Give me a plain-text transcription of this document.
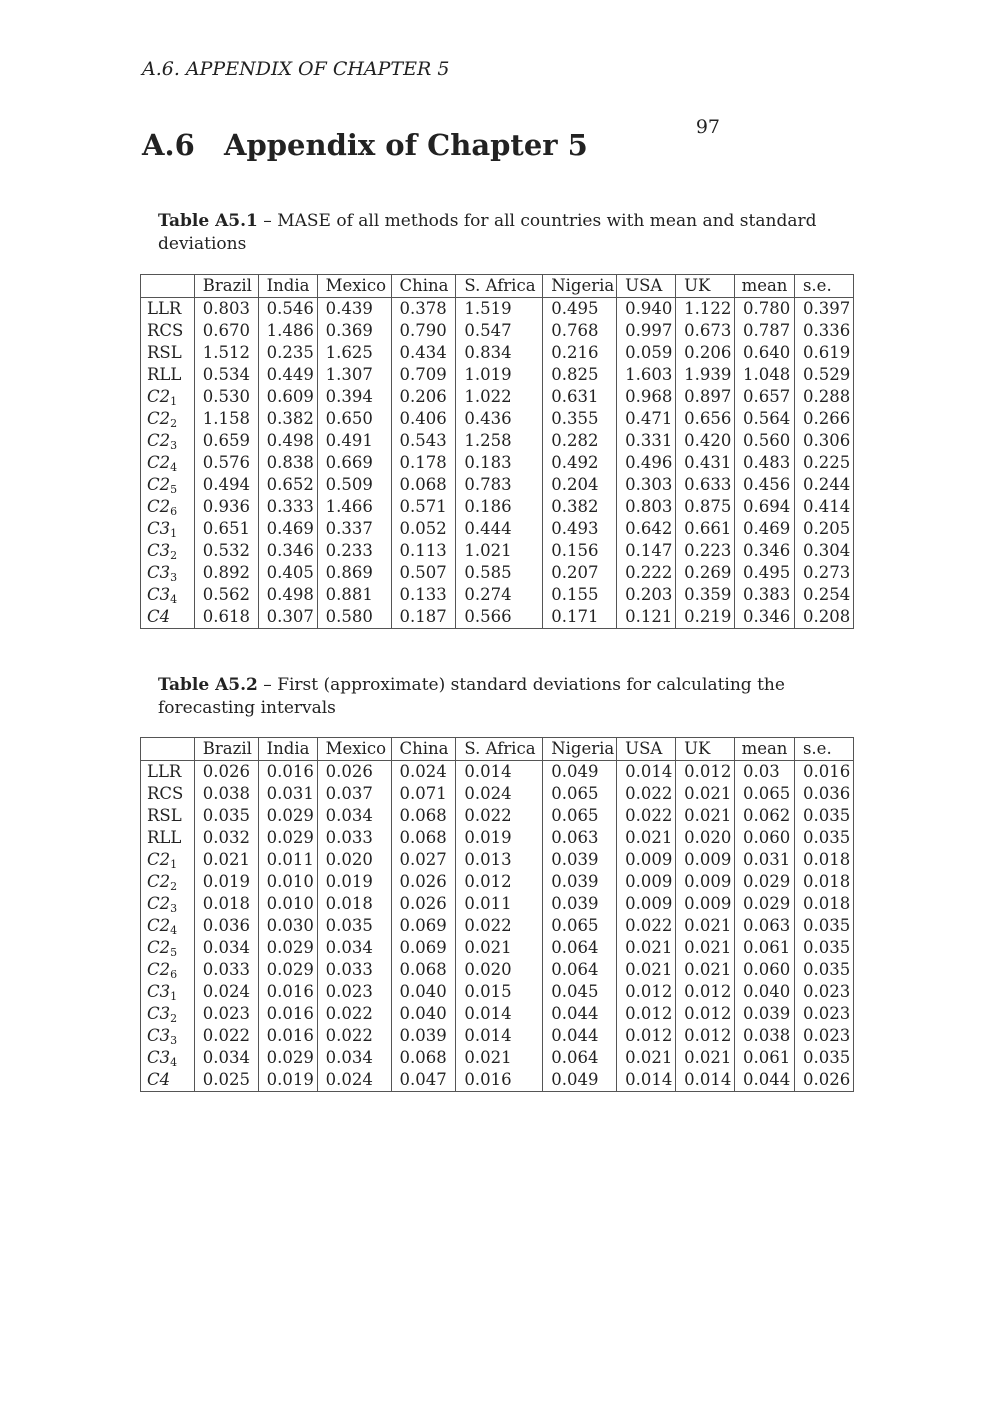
A.6. APPENDIX OF CHAPTER 5
97
A.6 Appendix of Chapter 5
Table A5.1 – MASE of all methods for all countries with mean and standard deviations
	Brazil	India	Mexico	China	S. Africa	Nigeria	USA	UK	mean	s.e.
LLR	0.803	0.546	0.439	0.378	1.519	0.495	0.940	1.122	0.780	0.397
RCS	0.670	1.486	0.369	0.790	0.547	0.768	0.997	0.673	0.787	0.336
RSL	1.512	0.235	1.625	0.434	0.834	0.216	0.059	0.206	0.640	0.619
RLL	0.534	0.449	1.307	0.709	1.019	0.825	1.603	1.939	1.048	0.529
$C2_1$	0.530	0.609	0.394	0.206	1.022	0.631	0.968	0.897	0.657	0.288
$C2_2$	1.158	0.382	0.650	0.406	0.436	0.355	0.471	0.656	0.564	0.266
$C2_3$	0.659	0.498	0.491	0.543	1.258	0.282	0.331	0.420	0.560	0.306
$C2_4$	0.576	0.838	0.669	0.178	0.183	0.492	0.496	0.431	0.483	0.225
$C2_5$	0.494	0.652	0.509	0.068	0.783	0.204	0.303	0.633	0.456	0.244
$C2_6$	0.936	0.333	1.466	0.571	0.186	0.382	0.803	0.875	0.694	0.414
$C3_1$	0.651	0.469	0.337	0.052	0.444	0.493	0.642	0.661	0.469	0.205
$C3_2$	0.532	0.346	0.233	0.113	1.021	0.156	0.147	0.223	0.346	0.304
$C3_3$	0.892	0.405	0.869	0.507	0.585	0.207	0.222	0.269	0.495	0.273
$C3_4$	0.562	0.498	0.881	0.133	0.274	0.155	0.203	0.359	0.383	0.254
C4	0.618	0.307	0.580	0.187	0.566	0.171	0.121	0.219	0.346	0.208
Table A5.2 – First (approximate) standard deviations for calculating the forecasting intervals
	Brazil	India	Mexico	China	S. Africa	Nigeria	USA	UK	mean	s.e.
LLR	0.026	0.016	0.026	0.024	0.014	0.049	0.014	0.012	0.03	0.016
RCS	0.038	0.031	0.037	0.071	0.024	0.065	0.022	0.021	0.065	0.036
RSL	0.035	0.029	0.034	0.068	0.022	0.065	0.022	0.021	0.062	0.035
RLL	0.032	0.029	0.033	0.068	0.019	0.063	0.021	0.020	0.060	0.035
$C2_1$	0.021	0.011	0.020	0.027	0.013	0.039	0.009	0.009	0.031	0.018
$C2_2$	0.019	0.010	0.019	0.026	0.012	0.039	0.009	0.009	0.029	0.018
$C2_3$	0.018	0.010	0.018	0.026	0.011	0.039	0.009	0.009	0.029	0.018
$C2_4$	0.036	0.030	0.035	0.069	0.022	0.065	0.022	0.021	0.063	0.035
$C2_5$	0.034	0.029	0.034	0.069	0.021	0.064	0.021	0.021	0.061	0.035
$C2_6$	0.033	0.029	0.033	0.068	0.020	0.064	0.021	0.021	0.060	0.035
$C3_1$	0.024	0.016	0.023	0.040	0.015	0.045	0.012	0.012	0.040	0.023
$C3_2$	0.023	0.016	0.022	0.040	0.014	0.044	0.012	0.012	0.039	0.023
$C3_3$	0.022	0.016	0.022	0.039	0.014	0.044	0.012	0.012	0.038	0.023
$C3_4$	0.034	0.029	0.034	0.068	0.021	0.064	0.021	0.021	0.061	0.035
C4	0.025	0.019	0.024	0.047	0.016	0.049	0.014	0.014	0.044	0.026
